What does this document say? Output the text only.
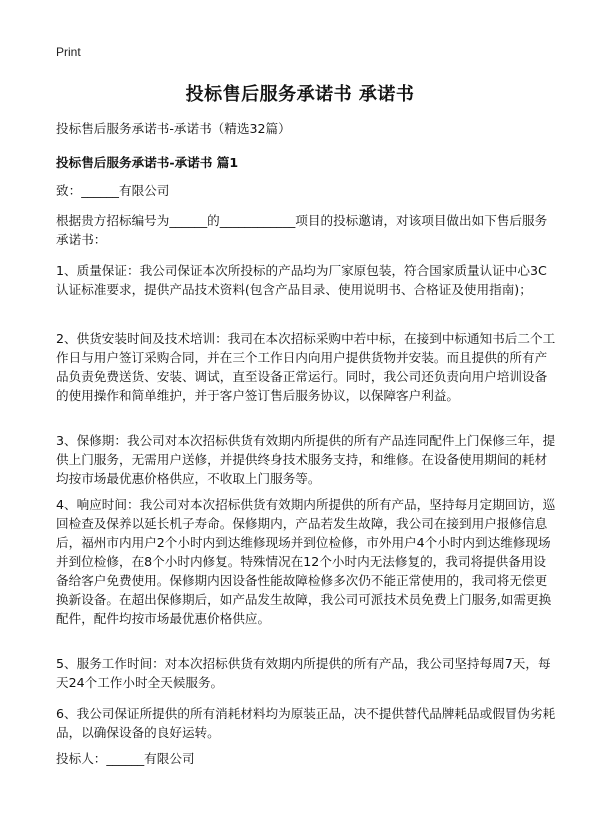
Print
投标售后服务承诺书 承诺书
投标售后服务承诺书-承诺书（精选32篇）
投标售后服务承诺书-承诺书 篇1
致：______有限公司
根据贵方招标编号为______的____________项目的投标邀请，对该项目做出如下售后服务承诺书：
1、质量保证：我公司保证本次所投标的产品均为厂家原包装，符合国家质量认证中心3C认证标准要求，提供产品技术资料(包含产品目录、使用说明书、合格证及使用指南)；
2、供货安装时间及技术培训：我司在本次招标采购中若中标，在接到中标通知书后二个工作日与用户签订采购合同，并在三个工作日内向用户提供货物并安装。而且提供的所有产品负责免费送货、安装、调试，直至设备正常运行。同时，我公司还负责向用户培训设备的使用操作和简单维护，并于客户签订售后服务协议，以保障客户利益。
3、保修期：我公司对本次招标供货有效期内所提供的所有产品连同配件上门保修三年，提供上门服务，无需用户送修，并提供终身技术服务支持，和维修。在设备使用期间的耗材均按市场最优惠价格供应，不收取上门服务等。
4、响应时间：我公司对本次招标供货有效期内所提供的所有产品，坚持每月定期回访，巡回检查及保养以延长机子寿命。保修期内，产品若发生故障，我公司在接到用户报修信息后，福州市内用户2个小时内到达维修现场并到位检修，市外用户4个小时内到达维修现场并到位检修，在8个小时内修复。特殊情况在12个小时内无法修复的，我司将提供备用设备给客户免费使用。保修期内因设备性能故障检修多次仍不能正常使用的，我司将无偿更换新设备。在超出保修期后，如产品发生故障，我公司可派技术员免费上门服务,如需更换配件，配件均按市场最优惠价格供应。
5、服务工作时间：对本次招标供货有效期内所提供的所有产品，我公司坚持每周7天，每天24个工作小时全天候服务。
6、我公司保证所提供的所有消耗材料均为原装正品，决不提供替代品牌耗品或假冒伪劣耗品，以确保设备的良好运转。
投标人：______有限公司
